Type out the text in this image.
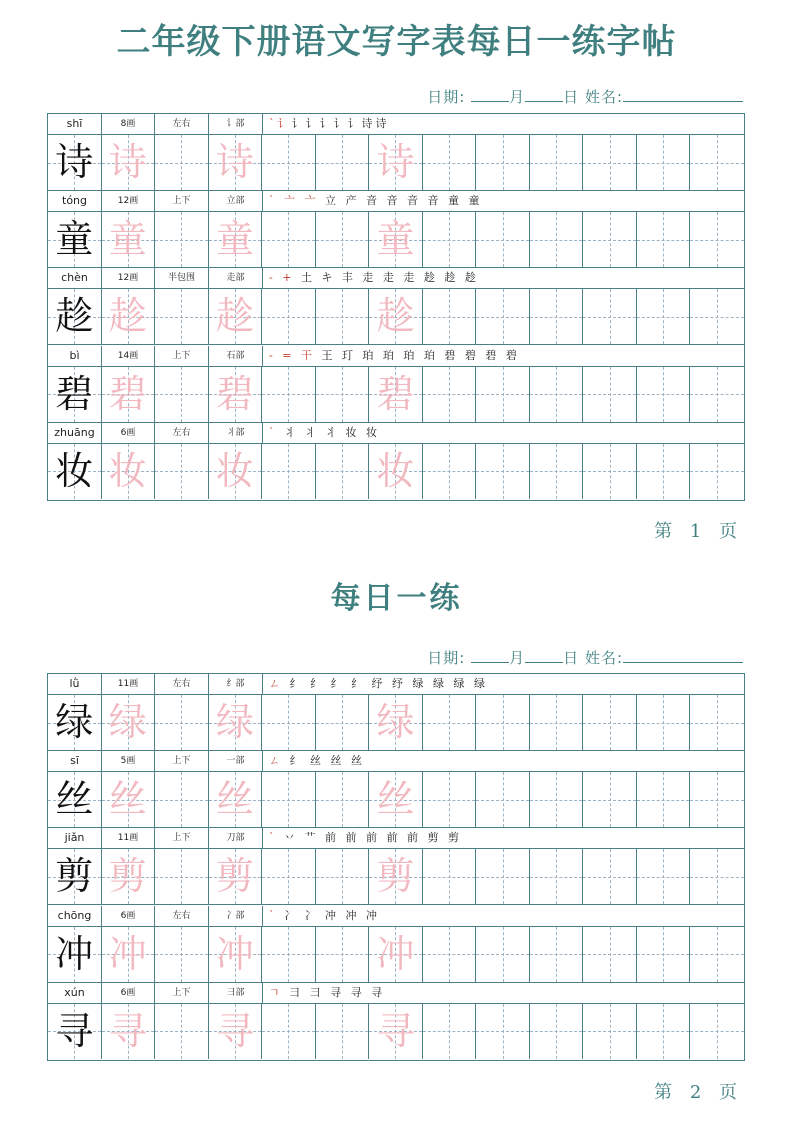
二年级下册语文写字表每日一练字帖
日期:	月	日 姓名:
shī	8画	左右	讠部	`讠讠讠讠讠讠诗诗
诗 诗 诗	诗
tóng	12画	上下	立部	` 亠 亠 立 产 音 音 音 音 童 童
童 童 童	童
chèn	12画	半包围	走部	- + 土 キ 丰 走 走 走 趁 趁 趁
趁 趁 趁	趁
bì	14画	上下	石部	- = 干 王 玎 珀 珀 珀 珀 碧 碧 碧 碧
碧 碧 碧	碧
zhuāng	6画	左右	丬部	` 丬 丬 丬 妆 妆
妆 妆 妆	妆
第 1 页
每日一练
日期:	月	日 姓名:
lǜ	11画	左右	纟部	ㄥ 纟 纟 纟 纟 纾 纾 绿 绿 绿 绿
绿 绿 绿	绿
sī	5画	上下	一部	ㄥ 纟 丝 丝 丝
丝 丝 丝	丝
jiǎn	11画	上下	刀部	` 丷 艹 前 前 前 前 前 剪 剪
剪 剪 剪	剪
chōng	6画	左右	冫部	` 冫 冫 冲 冲 冲
冲 冲 冲	冲
xún	6画	上下	彐部	ㄱ 彐 彐 寻 寻 寻
寻 寻 寻	寻
第 2 页
